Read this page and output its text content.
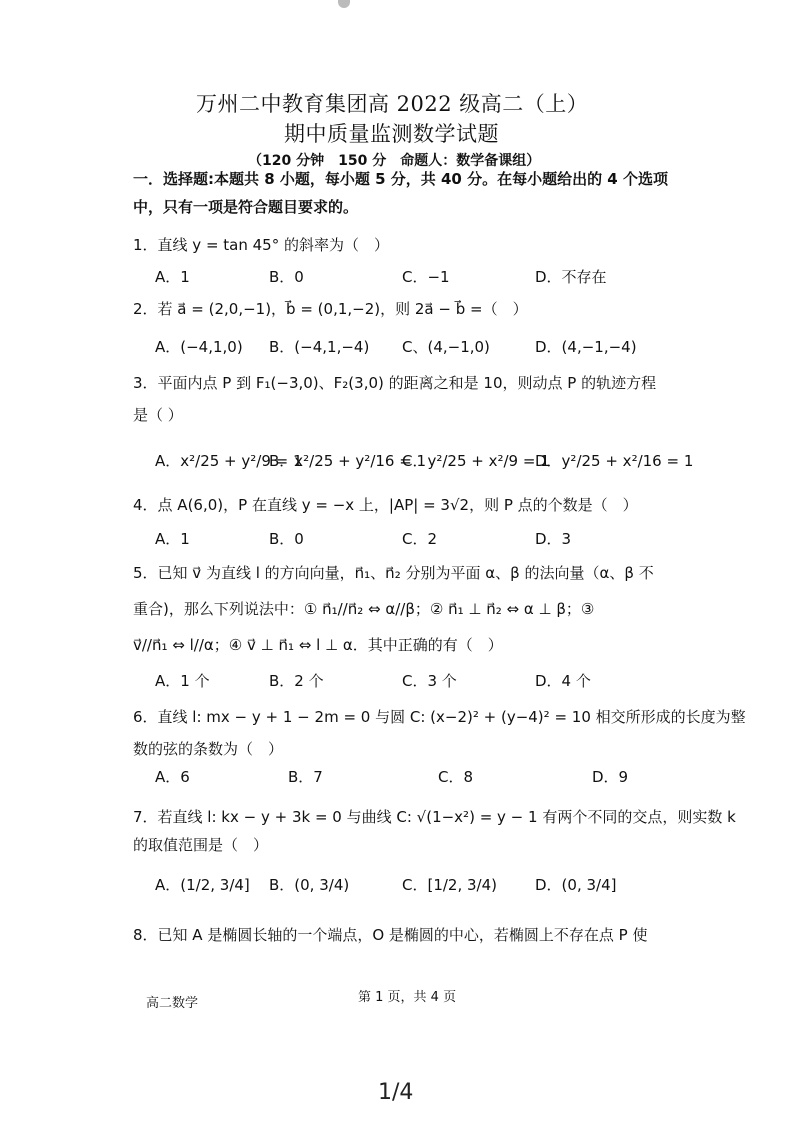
万州二中教育集团高 2022 级高二（上）
期中质量监测数学试题
（120 分钟　150 分　命题人：数学备课组）
一．选择题:本题共 8 小题，每小题 5 分，共 40 分。在每小题给出的 4 个选项
中，只有一项是符合题目要求的。
1．直线 y = tan 45° 的斜率为（　）
A．1	B．0	C．−1	D．不存在
2．若 a⃗ = (2,0,−1)，b⃗ = (0,1,−2)，则 2a⃗ − b⃗ =（　）
A．(−4,1,0) B．(−4,1,−4) C、(4,−1,0)	D．(4,−1,−4)
3．平面内点 P 到 F₁(−3,0)、F₂(3,0) 的距离之和是 10，则动点 P 的轨迹方程
是（ ）
A．x²/25 + y²/9 = 1
B．x²/25 + y²/16 = 1
C．y²/25 + x²/9 = 1
D．y²/25 + x²/16 = 1
4．点 A(6,0)，P 在直线 y = −x 上，|AP| = 3√2，则 P 点的个数是（　）
A．1	B．0	C．2	D．3
5．已知 v⃗ 为直线 l 的方向向量，n⃗₁、n⃗₂ 分别为平面 α、β 的法向量（α、β 不
重合)，那么下列说法中：① n⃗₁//n⃗₂ ⇔ α//β；② n⃗₁ ⊥ n⃗₂ ⇔ α ⊥ β；③
v⃗//n⃗₁ ⇔ l//α；④ v⃗ ⊥ n⃗₁ ⇔ l ⊥ α．其中正确的有（　）
A．1 个	B．2 个	C．3 个	D．4 个
6．直线 l: mx − y + 1 − 2m = 0 与圆 C: (x−2)² + (y−4)² = 10 相交所形成的长度为整
数的弦的条数为（　）
A．6	B．7	C．8	D．9
7．若直线 l: kx − y + 3k = 0 与曲线 C: √(1−x²) = y − 1 有两个不同的交点，则实数 k
的取值范围是（　）
A．(1/2, 3/4] B．(0, 3/4)	C．[1/2, 3/4)	D．(0, 3/4]
8．已知 A 是椭圆长轴的一个端点，O 是椭圆的中心，若椭圆上不存在点 P 使
高二数学	第 1 页，共 4 页
1/4
